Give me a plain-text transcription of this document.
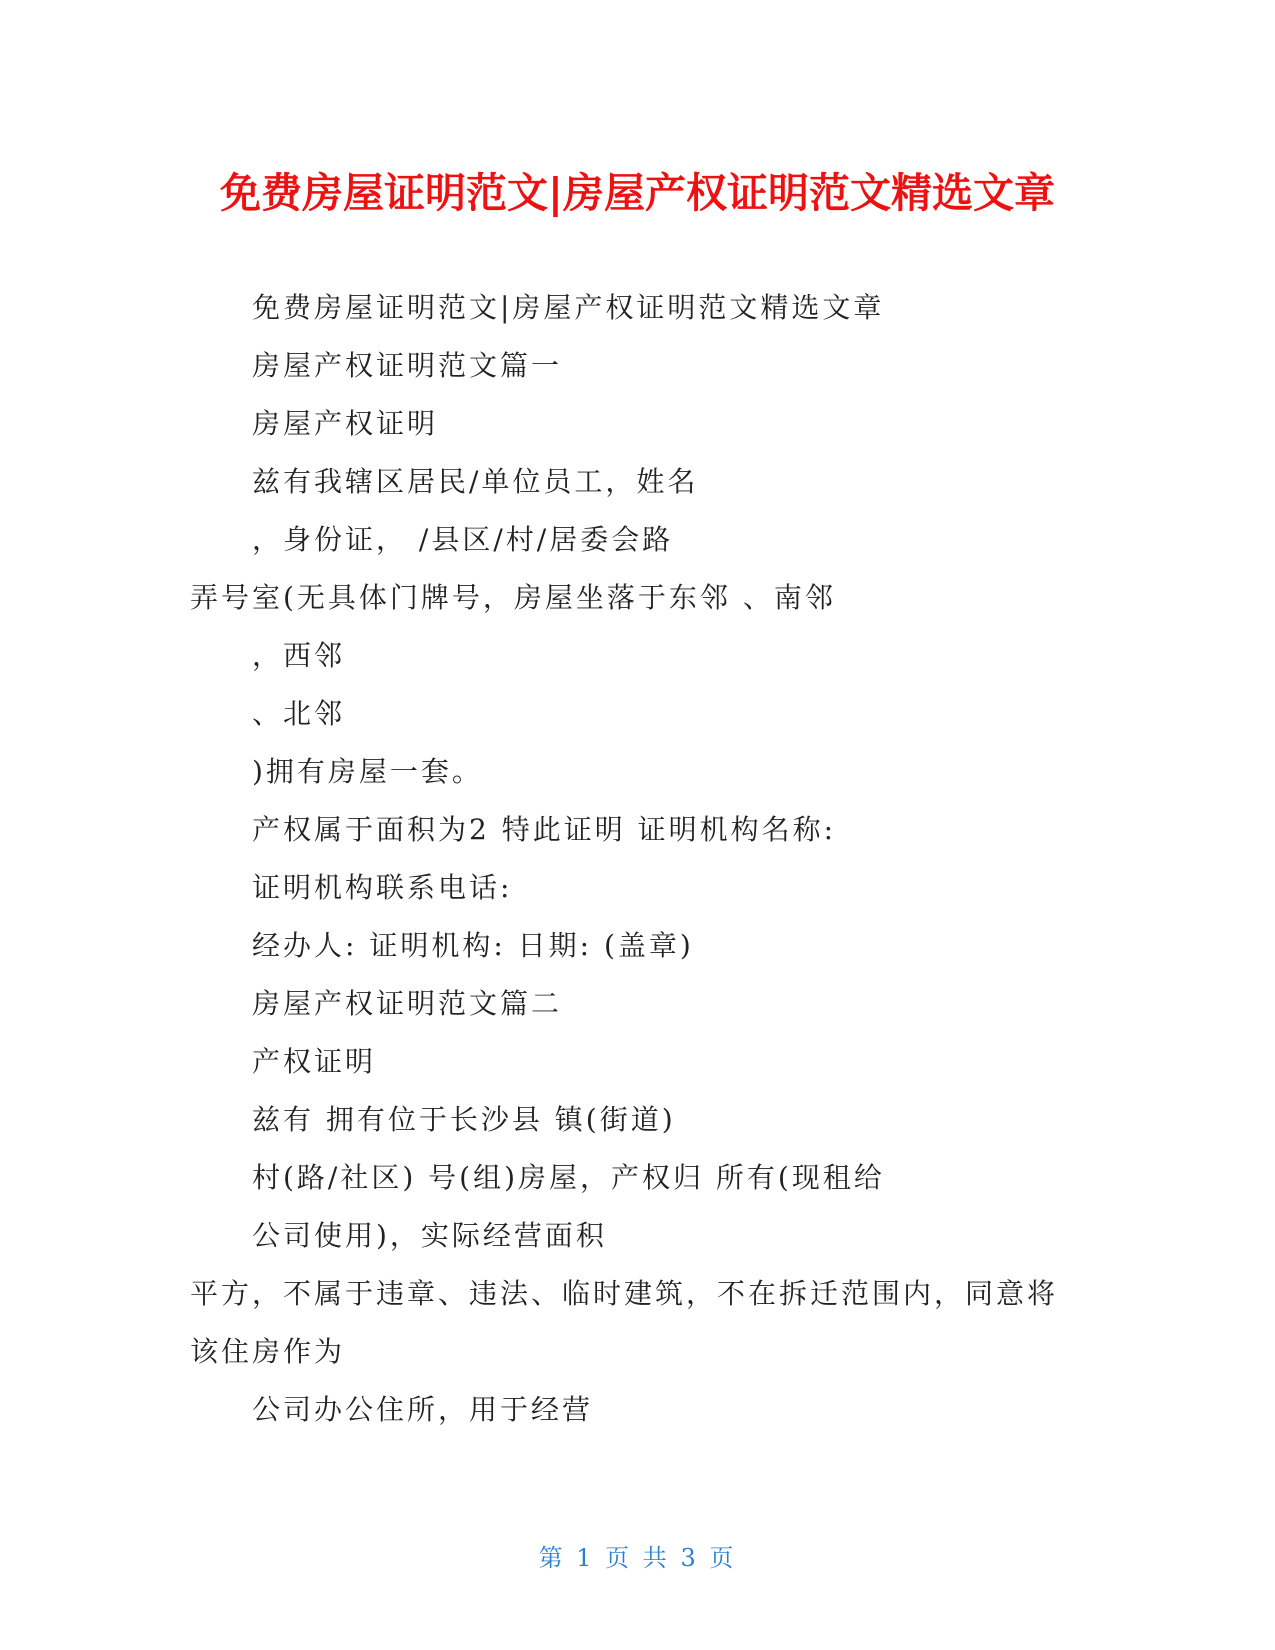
免费房屋证明范文|房屋产权证明范文精选文章
免费房屋证明范文|房屋产权证明范文精选文章
房屋产权证明范文篇一
房屋产权证明
兹有我辖区居民/单位员工，姓名
，身份证， /县区/村/居委会路
弄号室(无具体门牌号，房屋坐落于东邻 、南邻
，西邻
、北邻
)拥有房屋一套。
产权属于面积为2 特此证明 证明机构名称:
证明机构联系电话:
经办人: 证明机构: 日期: (盖章)
房屋产权证明范文篇二
产权证明
兹有 拥有位于长沙县 镇(街道)
村(路/社区) 号(组)房屋，产权归 所有(现租给
公司使用)，实际经营面积
平方，不属于违章、违法、临时建筑，不在拆迁范围内，同意将
该住房作为
公司办公住所，用于经营
第 1 页 共 3 页
